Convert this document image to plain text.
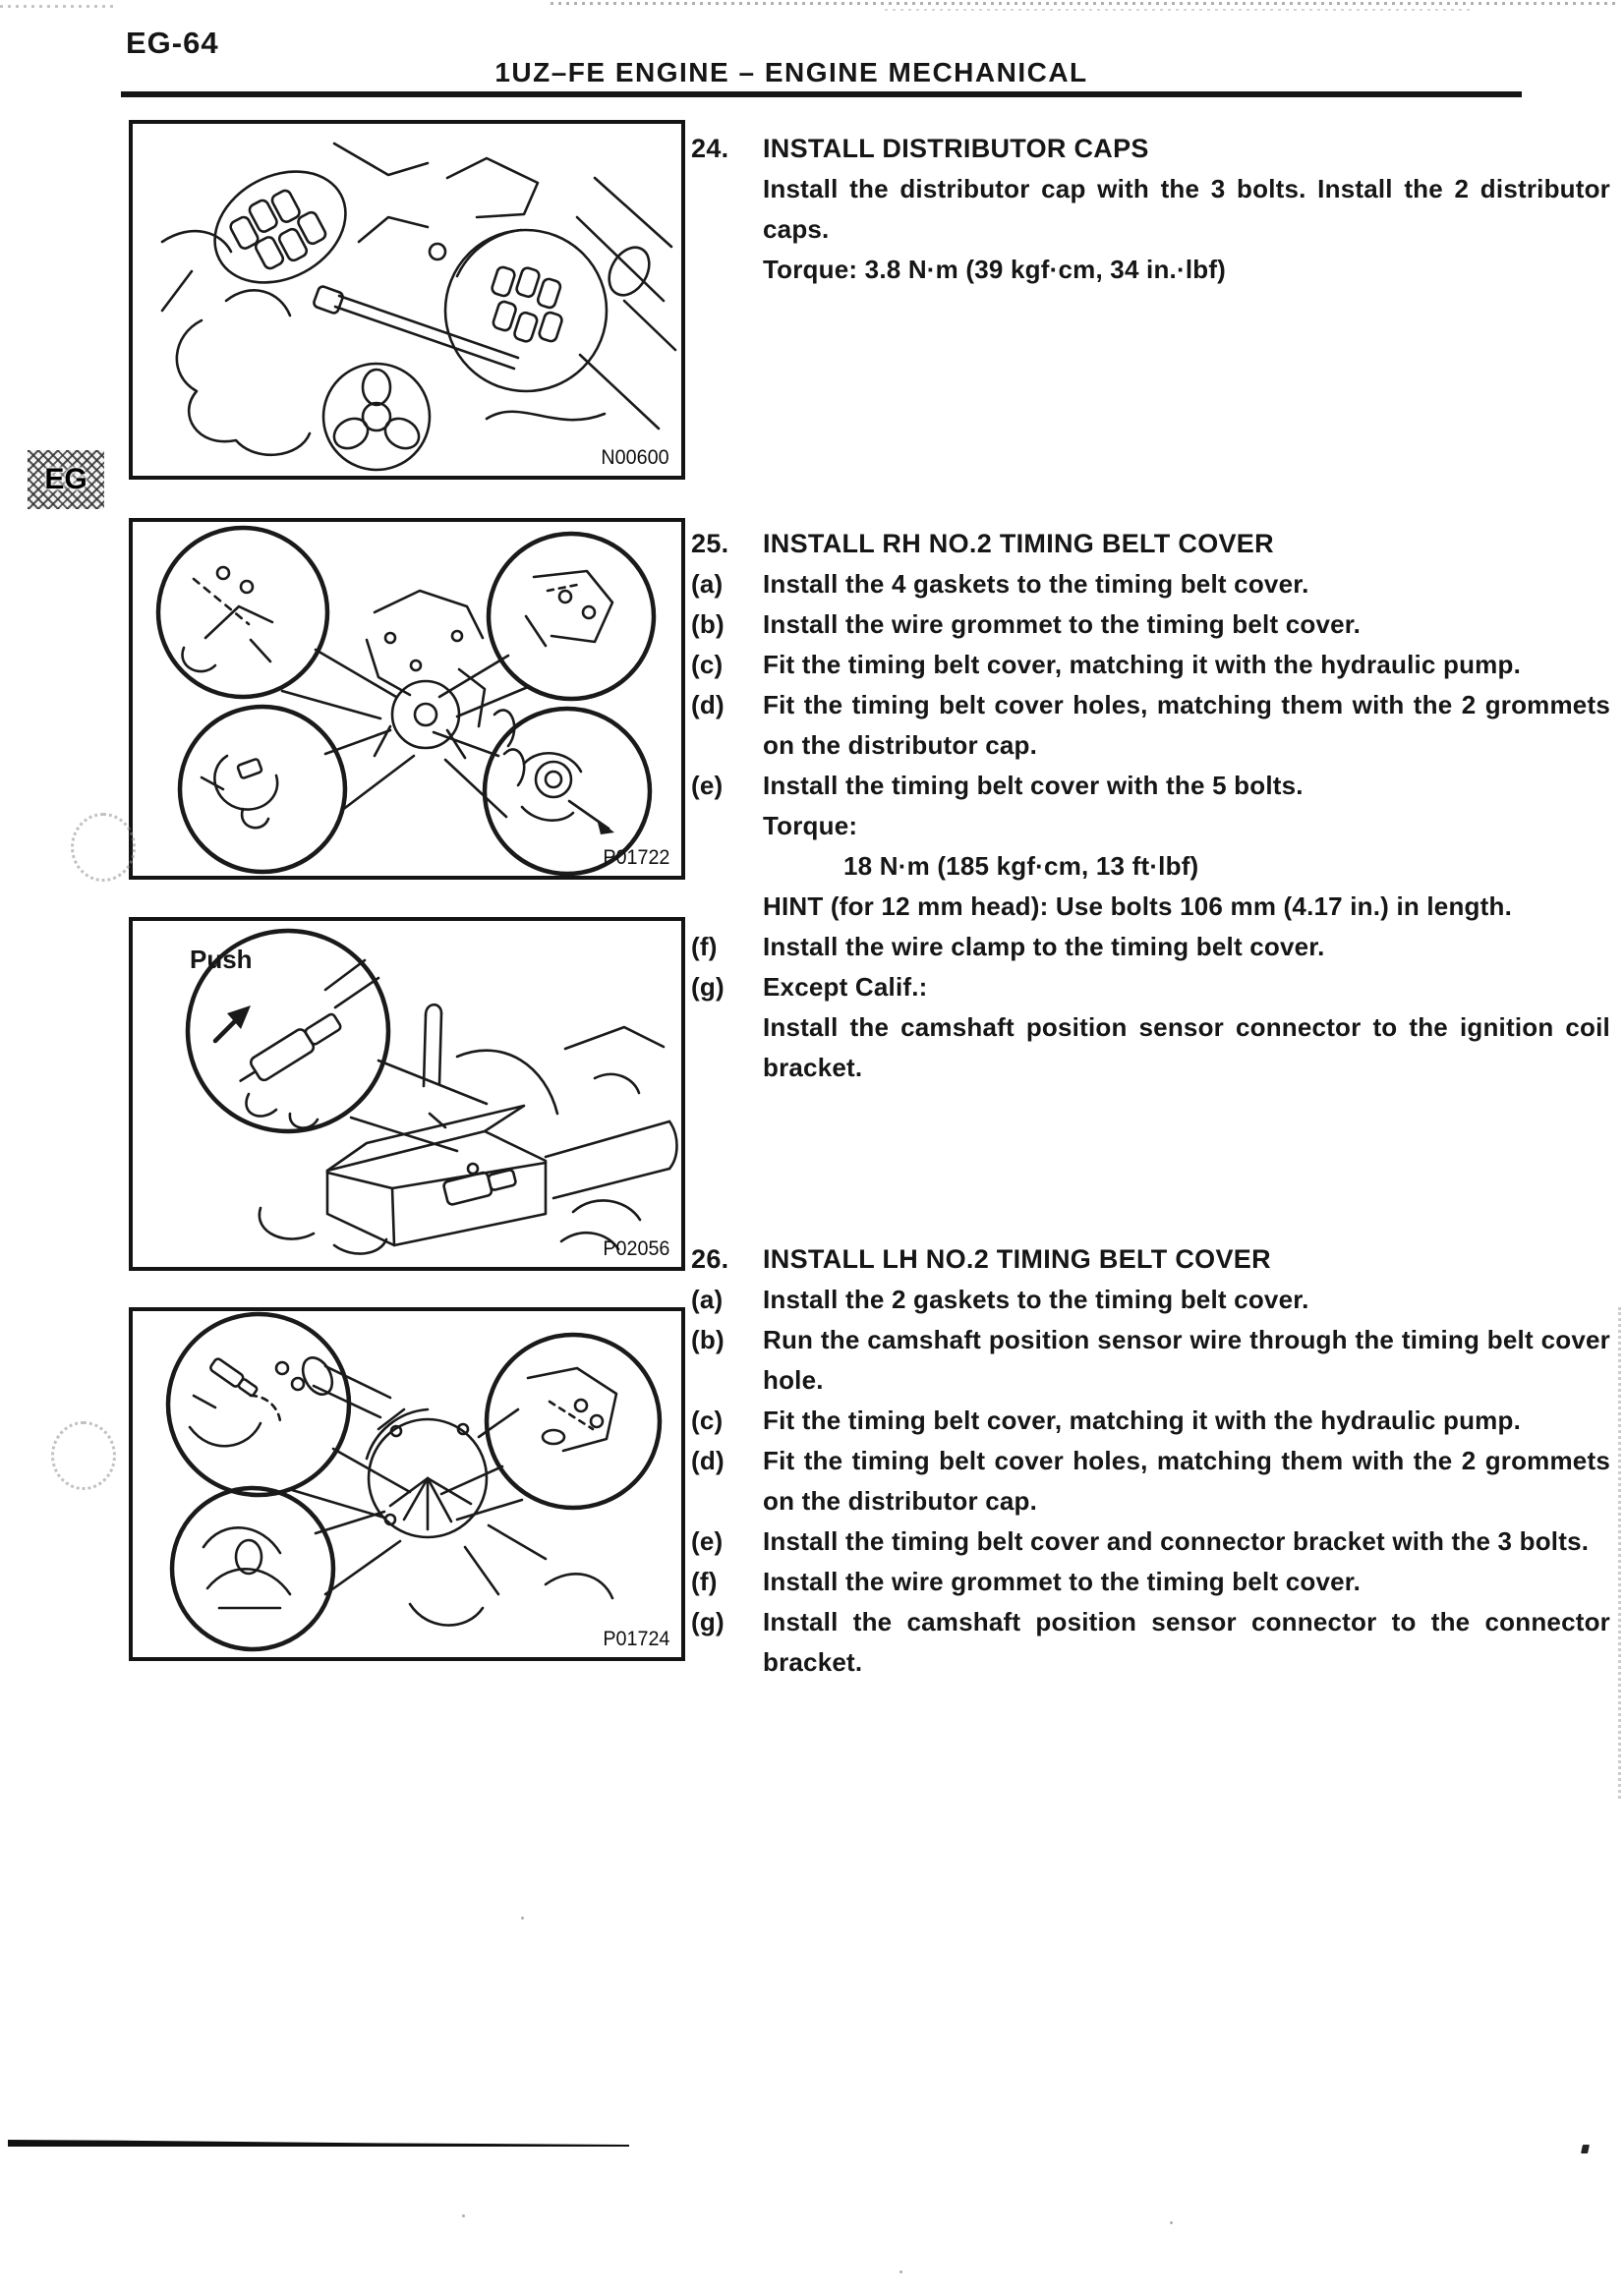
EG-64
1UZ–FE ENGINE – ENGINE MECHANICAL
EG
N00600
P01722
Push
P02056
P01724
24. INSTALL DISTRIBUTOR CAPS
Install the distributor cap with the 3 bolts. Install the 2 distributor caps.
Torque: 3.8 N·m (39 kgf·cm, 34 in.·lbf)
25. INSTALL RH NO.2 TIMING BELT COVER
(a) Install the 4 gaskets to the timing belt cover.
(b) Install the wire grommet to the timing belt cover.
(c) Fit the timing belt cover, matching it with the hydraulic pump.
(d) Fit the timing belt cover holes, matching them with the 2 grommets on the distributor cap.
(e) Install the timing belt cover with the 5 bolts.
Torque:
18 N·m (185 kgf·cm, 13 ft·lbf)
HINT (for 12 mm head): Use bolts 106 mm (4.17 in.) in length.
(f) Install the wire clamp to the timing belt cover.
(g) Except Calif.:
Install the camshaft position sensor connector to the ignition coil bracket.
26. INSTALL LH NO.2 TIMING BELT COVER
(a) Install the 2 gaskets to the timing belt cover.
(b) Run the camshaft position sensor wire through the timing belt cover hole.
(c) Fit the timing belt cover, matching it with the hydraulic pump.
(d) Fit the timing belt cover holes, matching them with the 2 grommets on the distributor cap.
(e) Install the timing belt cover and connector bracket with the 3 bolts.
(f) Install the wire grommet to the timing belt cover.
(g) Install the camshaft position sensor connector to the connector bracket.
